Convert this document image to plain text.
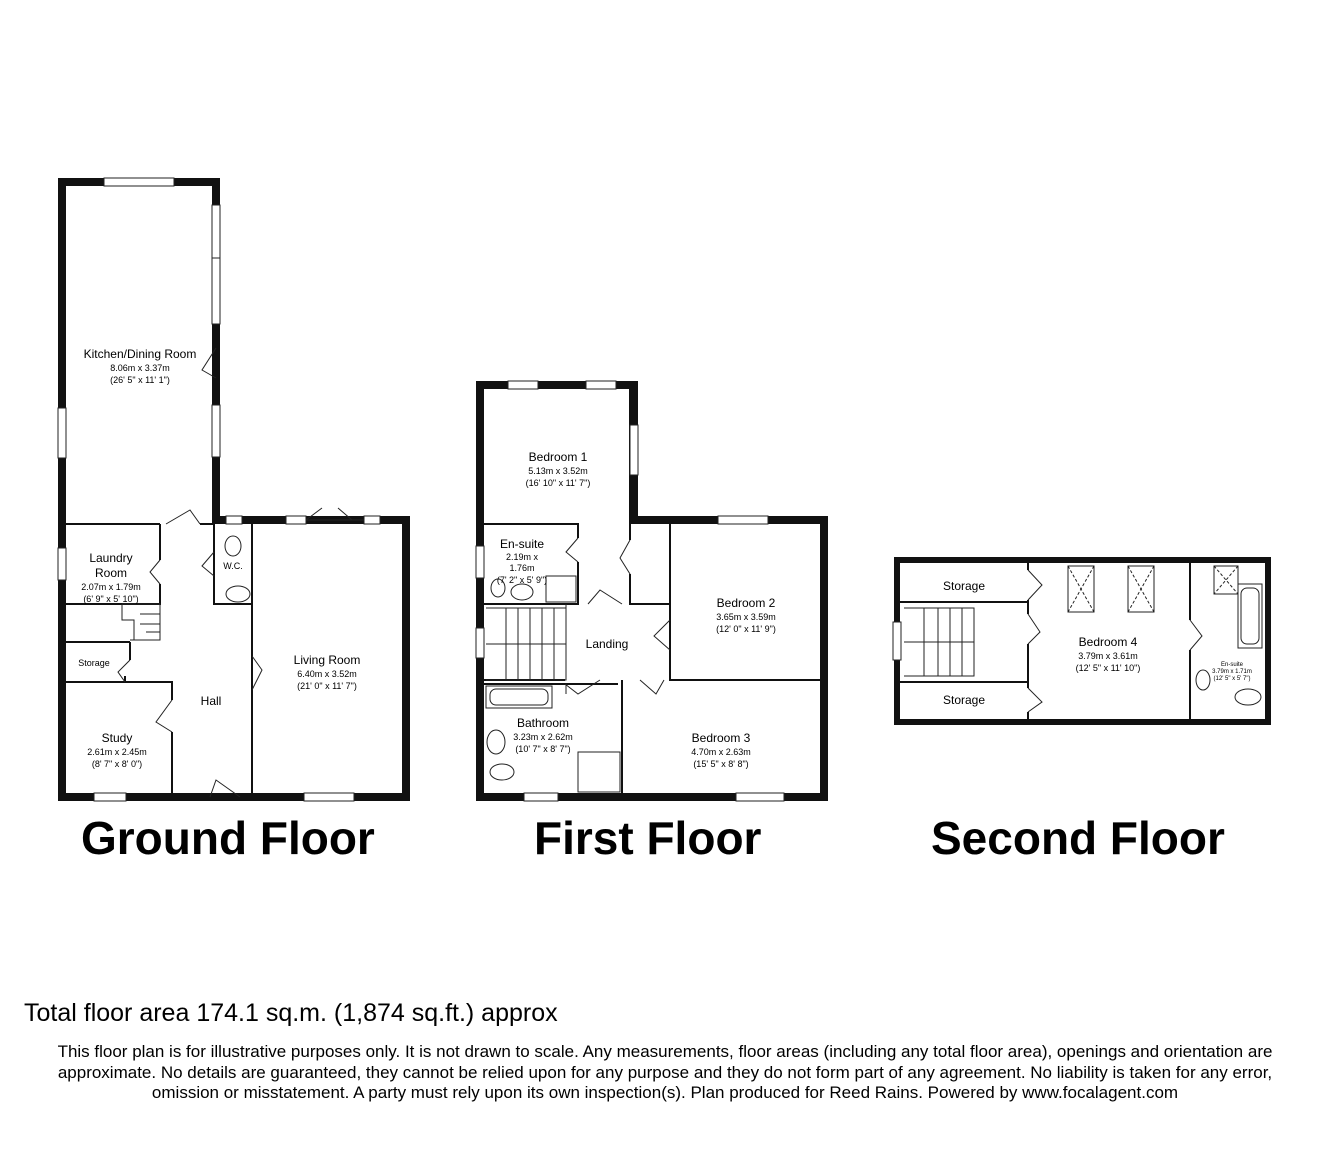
Kitchen/Dining Room
8.06m x 3.37m
(26' 5" x 11' 1")
Laundry
Room
2.07m x 1.79m
(6' 9" x 5' 10")
W.C.
Living Room
6.40m x 3.52m
(21' 0" x 11' 7")
Storage
Hall
Study
2.61m x 2.45m
(8' 7" x 8' 0")
Bedroom 1
5.13m x 3.52m
(16' 10" x 11' 7")
En-suite
2.19m x
1.76m
(7' 2" x 5' 9")
Bedroom 2
3.65m x 3.59m
(12' 0" x 11' 9")
Landing
Bathroom
3.23m x 2.62m
(10' 7" x 8' 7")
Bedroom 3
4.70m x 2.63m
(15' 5" x 8' 8")
Storage
Storage
Bedroom 4
3.79m x 3.61m
(12' 5" x 11' 10")	En-suite
3.79m x 1.71m
(12' 5" x 5' 7")
Ground Floor	First Floor	Second Floor
Total floor area 174.1 sq.m. (1,874 sq.ft.) approx
This floor plan is for illustrative purposes only. It is not drawn to scale. Any measurements, floor areas (including any total floor area), openings and orientation are approximate. No details are guaranteed, they cannot be relied upon for any purpose and they do not form part of any agreement. No liability is taken for any error, omission or misstatement. A party must rely upon its own inspection(s). Plan produced for Reed Rains. Powered by www.focalagent.com
